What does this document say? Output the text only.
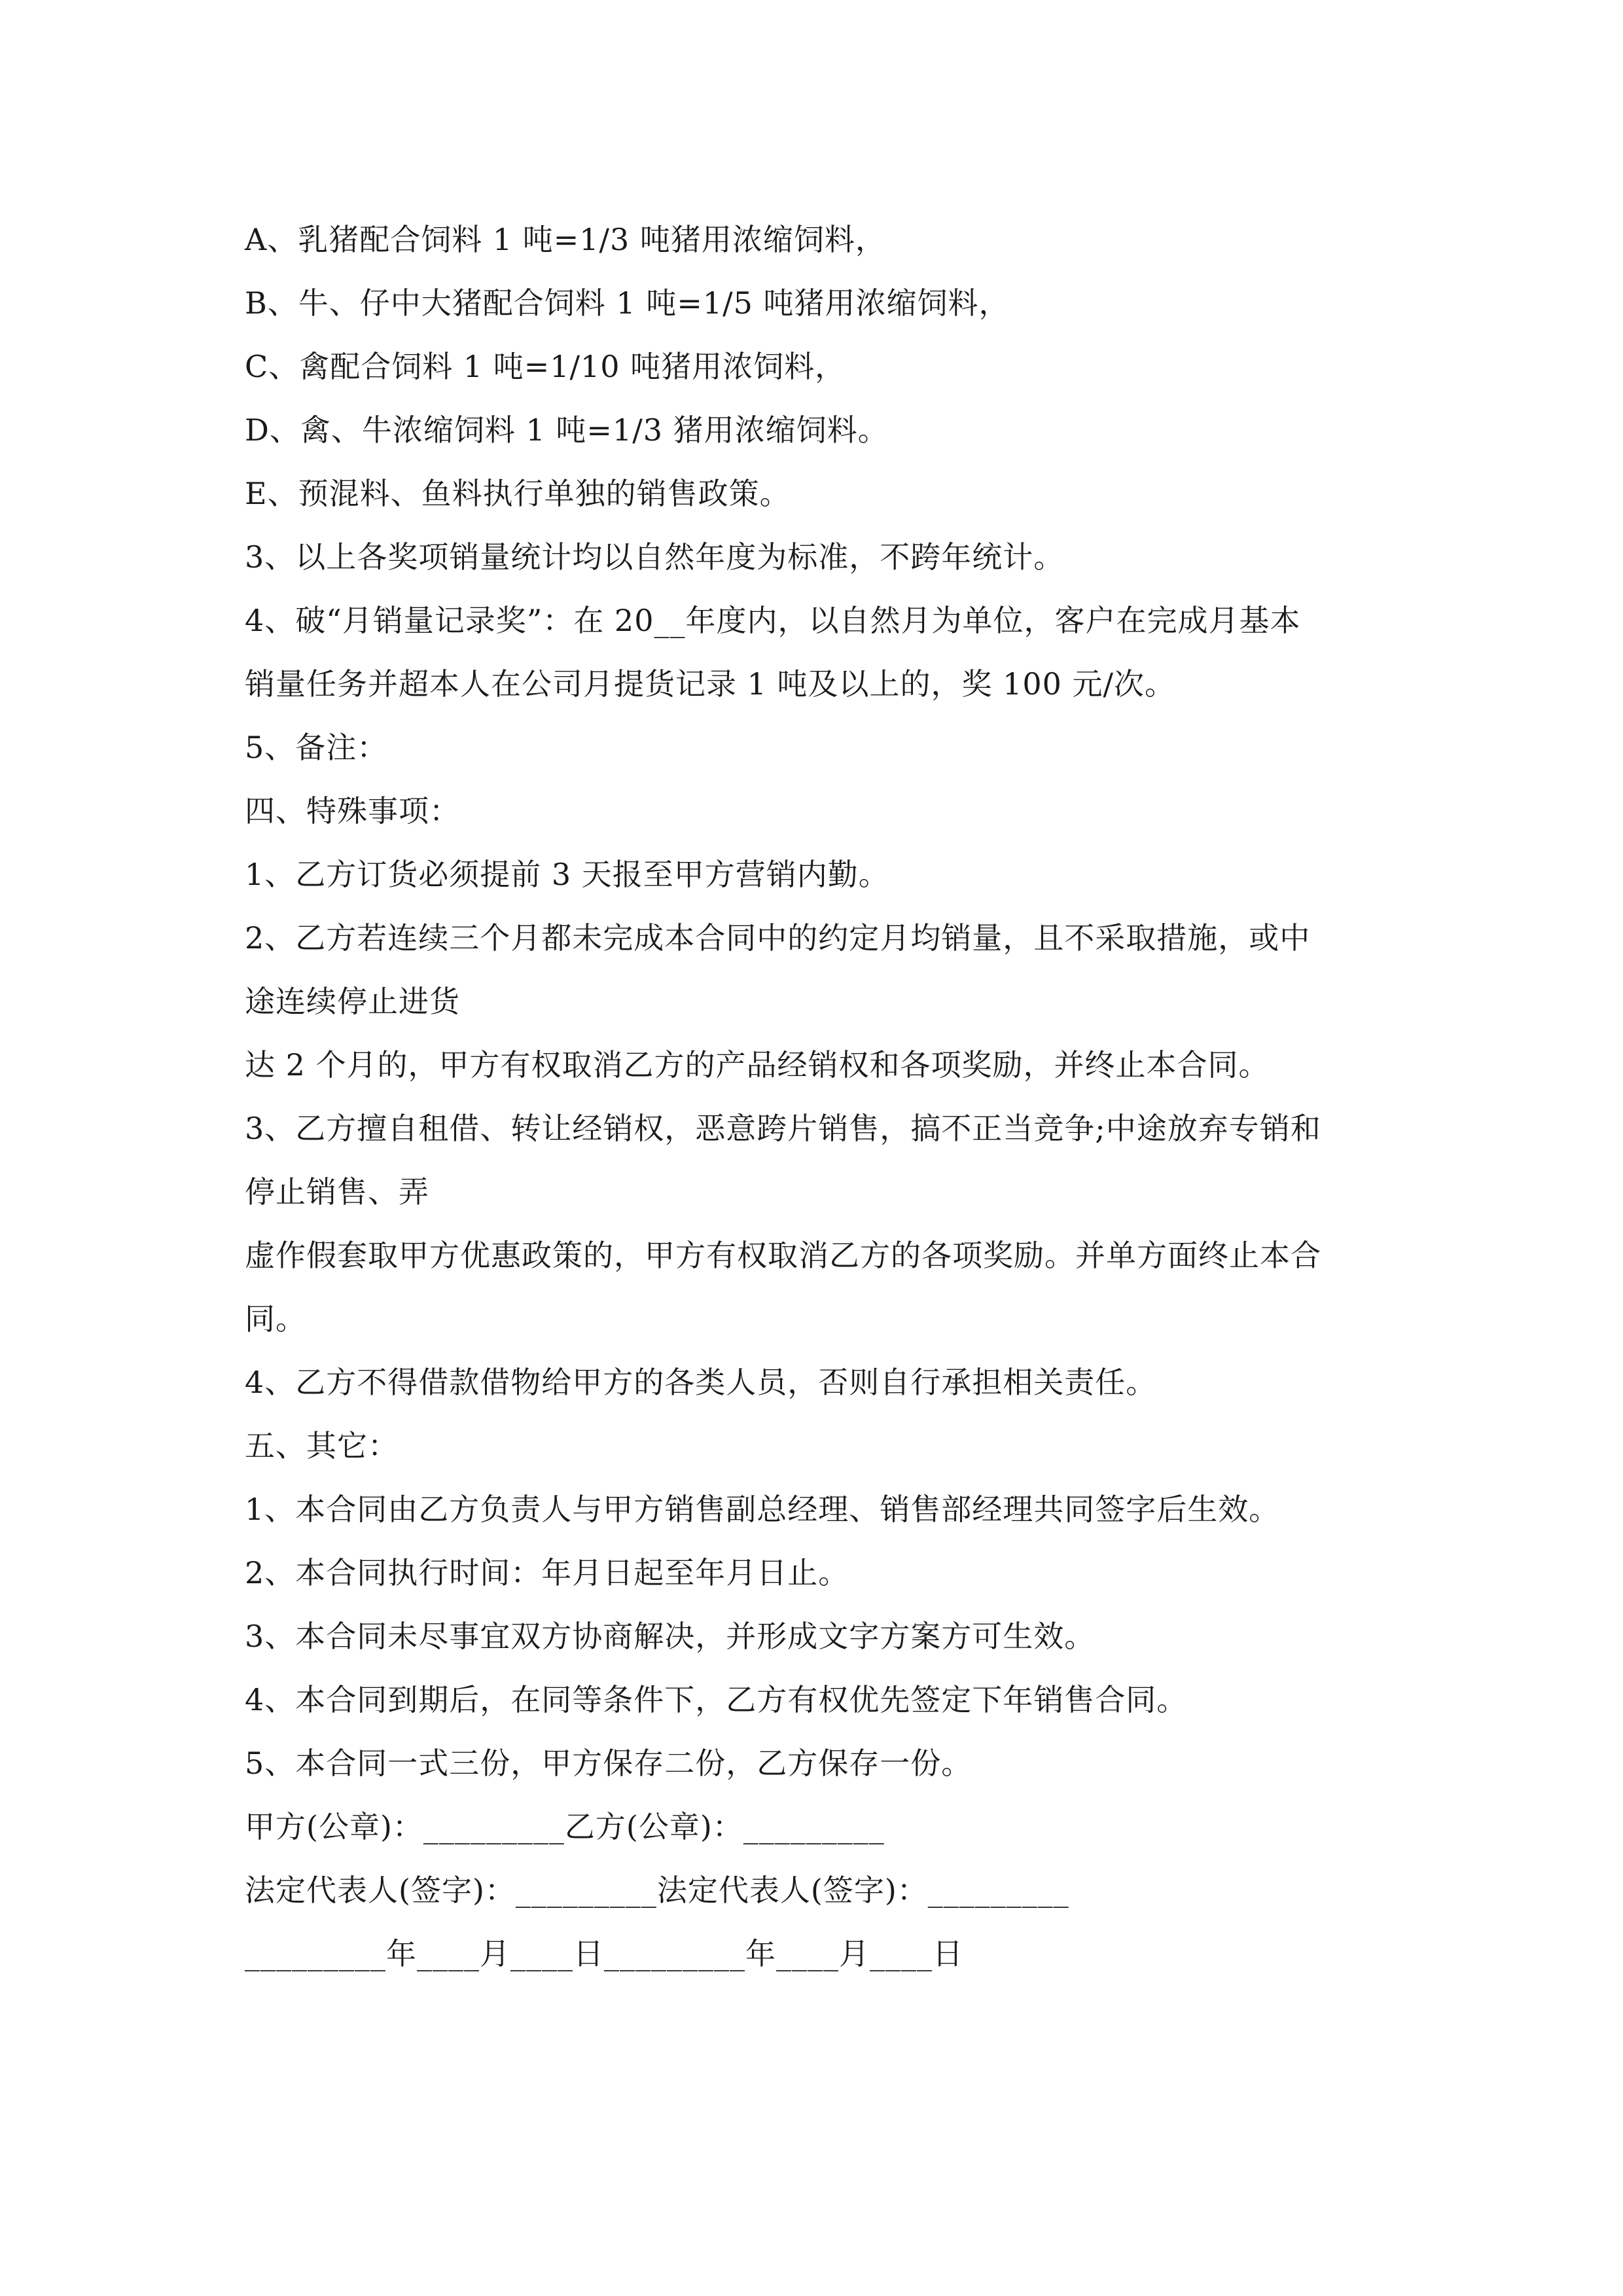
A、乳猪配合饲料 1 吨=1/3 吨猪用浓缩饲料，
B、牛、仔中大猪配合饲料 1 吨=1/5 吨猪用浓缩饲料，
C、禽配合饲料 1 吨=1/10 吨猪用浓饲料，
D、禽、牛浓缩饲料 1 吨=1/3 猪用浓缩饲料。
E、预混料、鱼料执行单独的销售政策。
3、以上各奖项销量统计均以自然年度为标准，不跨年统计。
4、破“月销量记录奖”：在 20__年度内，以自然月为单位，客户在完成月基本
销量任务并超本人在公司月提货记录 1 吨及以上的，奖 100 元/次。
5、备注：
四、特殊事项：
1、乙方订货必须提前 3 天报至甲方营销内勤。
2、乙方若连续三个月都未完成本合同中的约定月均销量，且不采取措施，或中
途连续停止进货
达 2 个月的，甲方有权取消乙方的产品经销权和各项奖励，并终止本合同。
3、乙方擅自租借、转让经销权，恶意跨片销售，搞不正当竞争;中途放弃专销和
停止销售、弄
虚作假套取甲方优惠政策的，甲方有权取消乙方的各项奖励。并单方面终止本合
同。
4、乙方不得借款借物给甲方的各类人员，否则自行承担相关责任。
五、其它：
1、本合同由乙方负责人与甲方销售副总经理、销售部经理共同签字后生效。
2、本合同执行时间：年月日起至年月日止。
3、本合同未尽事宜双方协商解决，并形成文字方案方可生效。
4、本合同到期后，在同等条件下，乙方有权优先签定下年销售合同。
5、本合同一式三份，甲方保存二份，乙方保存一份。
甲方(公章)：_________乙方(公章)：_________
法定代表人(签字)：_________法定代表人(签字)：_________
_________年____月____日_________年____月____日
